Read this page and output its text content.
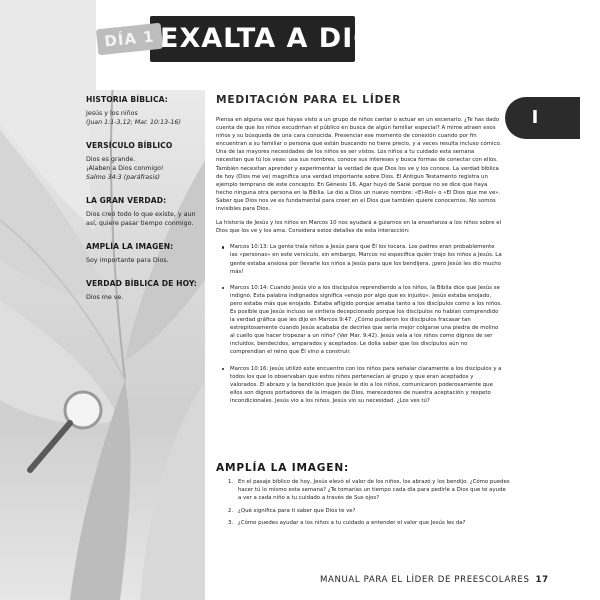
DÍA 1 EXALTA A DIOS
I

HISTORIA BÍBLICA:

Jesús y los niños

(Juan 1:1-3,12; Mar. 10:13-16)

VERSÍCULO BÍBLICO

Dios es grande.

¡Alaben a Dios conmigo!

Salmo 34:3 (paráfrasis)

LA GRAN VERDAD:

Dios creó todo lo que existe, y aun así, quiere pasar tiempo conmigo.

AMPLÍA LA IMAGEN:

Soy importante para Dios.

VERDAD BÍBLICA DE HOY:

Dios me ve.

MEDITACIÓN PARA EL LÍDER

Piensa en alguna vez que hayas visto a un grupo de niños cantar o actuar en un escenario. ¿Te has dado cuenta de que los niños escudriñan el público en busca de algún familiar especial? A mime atraen esos niños y su búsqueda de una cara conocida. Presenciar ese momento de conexión cuando por fin encuentran a su familiar o persona que están buscando no tiene precio, y a veces resulta incluso cómico. Una de las mayores necesidades de los niños es ser vistos. Los niños a tu cuidado esta semana necesitan que tú los veas: usa sus nombres, conoce sus intereses y busca formas de conectar con ellos. También necesitan aprender y experimentar la verdad de que Dios los ve y los conoce. La verdad bíblica de hoy (Dios me ve) magnifica una verdad importante sobre Dios. El Antiguo Testamento registra un ejemplo temprano de este concepto. En Génesis 16, Agar huyó de Sarai porque no se dice que haya hecho ninguna otra persona en la Biblia. Le dio a Dios un nuevo nombre: «El-Roí» o «El Dios que me ve». Saber que Dios nos ve es fundamental para creer en el Dios que también quiere conocernos. No somos invisibles para Dios.

La historia de Jesús y los niños en Marcos 10 nos ayudará a guiarnos en la enseñanza a los niños sobre el Dios que los ve y los ama. Considera estos detalles de esta interacción:

Marcos 10:13: La gente traía niños a Jesús para que Él los tocara. Los padres eran probablemente las «personas» en este versículo, sin embargo, Marcos no especifica quién trajo los niños a Jesús. La gente estaba ansiosa por llevarle los niños a Jesús para que los bendijera, ¡pero Jesús les dio mucho más!
Marcos 10:14: Cuando Jesús vio a los discípulos reprendiendo a los niños, la Biblia dice que Jesús se indignó. Esta palabra indignados significa «enojo por algo que es injusto». Jesús estaba enojado, pero estaba más que enojado. Estaba afligido porque amaba tanto a los discípulos como a los niños. Es posible que Jesús incluso se sintiera decepcionado porque los discípulos no habían comprendido la verdad gráfica que les dijo en Marcos 9:47. ¿Cómo pudieron los discípulos fracasar tan estrepitosamente cuando Jesús acababa de decirles que sería mejor colgarse una piedra de molino al cuello que hacer tropezar a un niño? (Ver Mar. 9:42). Jesús veía a los niños como dignos de ser incluidos, bendecidos, amparados y aceptados. Le dolía saber que los discípulos aún no comprendían el reino que Él vino a construir.
Marcos 10:16: Jesús utilizó este encuentro con los niños para señalar claramente a los discípulos y a todos los que lo observaban que estos niños pertenecían al grupo y que eran aceptados y valorados. El abrazo y la bendición que Jesús le dio a los niños, comunicaron poderosamente que ellos son dignos portadores de la imagen de Dios, merecedores de nuestra aceptación y respeto incondicionales. Jesús vio a los niños. Jesús vio su necesidad. ¿Los ves tú?
AMPLÍA LA IMAGEN:
1. En el pasaje bíblico de hoy, Jesús elevó el valor de los niños, los abrazó y los bendijo. ¿Cómo puedes hacer tú lo mismo esta semana? ¿Te tomarías un tiempo cada día para pedirle a Dios que te ayude a ver a cada niño a tu cuidado a través de Sus ojos?
2. ¿Qué significa para ti saber que Dios te ve?
3. ¿Cómo puedes ayudar a los niños a tu cuidado a entender el valor que Jesús les da?
MANUAL PARA EL LÍDER DE PREESCOLARES 17
